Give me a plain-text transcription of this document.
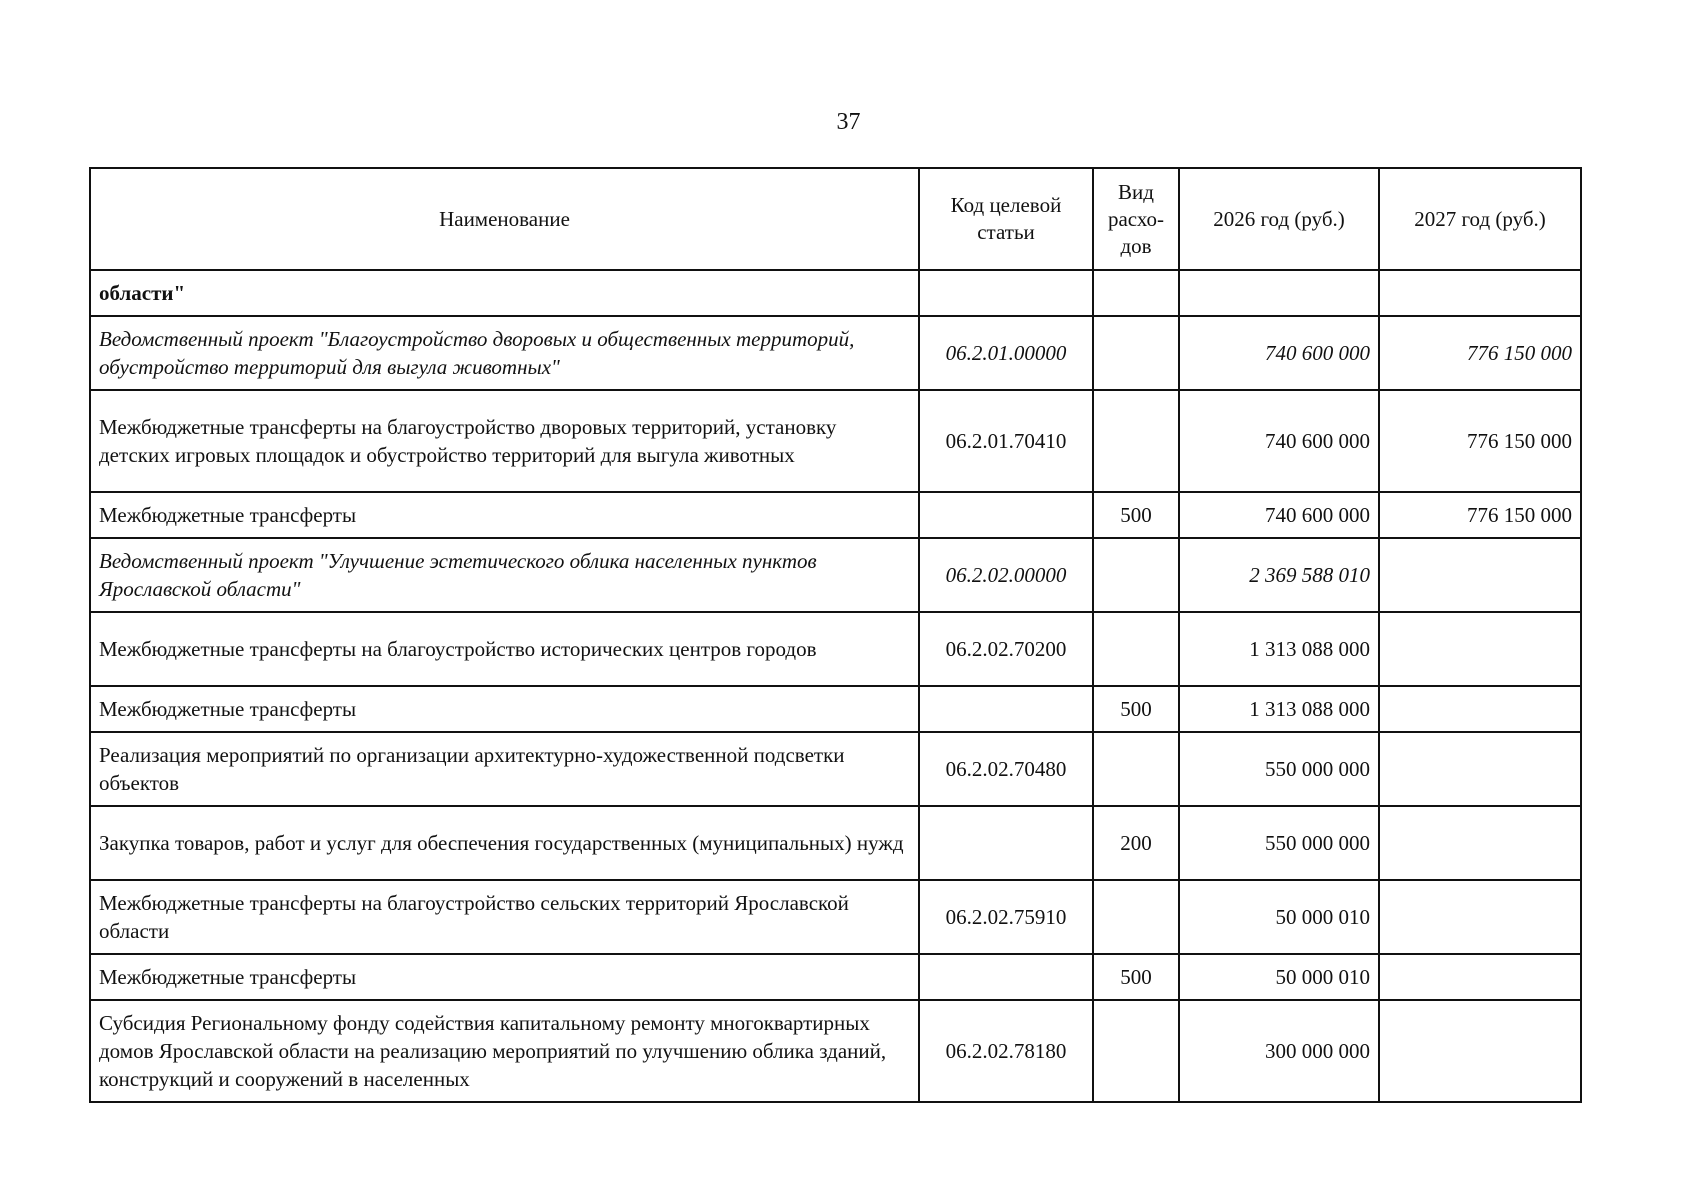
37
Наименование	Код целевой статьи	Вид расхо-дов	2026 год (руб.)	2027 год (руб.)
области"				
Ведомственный проект "Благоустройство дворовых и общественных территорий, обустройство территорий для выгула животных"	06.2.01.00000		740 600 000	776 150 000
Межбюджетные трансферты на благоустройство дворовых территорий, установку детских игровых площадок и обустройство территорий для выгула животных	06.2.01.70410		740 600 000	776 150 000
Межбюджетные трансферты		500	740 600 000	776 150 000
Ведомственный проект "Улучшение эстетического облика населенных пунктов Ярославской области"	06.2.02.00000		2 369 588 010	
Межбюджетные трансферты на благоустройство исторических центров городов	06.2.02.70200		1 313 088 000	
Межбюджетные трансферты		500	1 313 088 000	
Реализация мероприятий по организации архитектурно-художественной подсветки объектов	06.2.02.70480		550 000 000	
Закупка товаров, работ и услуг для обеспечения государственных (муниципальных) нужд		200	550 000 000	
Межбюджетные трансферты на благоустройство сельских территорий Ярославской области	06.2.02.75910		50 000 010	
Межбюджетные трансферты		500	50 000 010	
Субсидия Региональному фонду содействия капитальному ремонту многоквартирных домов Ярославской области на реализацию мероприятий по улучшению облика зданий, конструкций и сооружений в населенных	06.2.02.78180		300 000 000	
